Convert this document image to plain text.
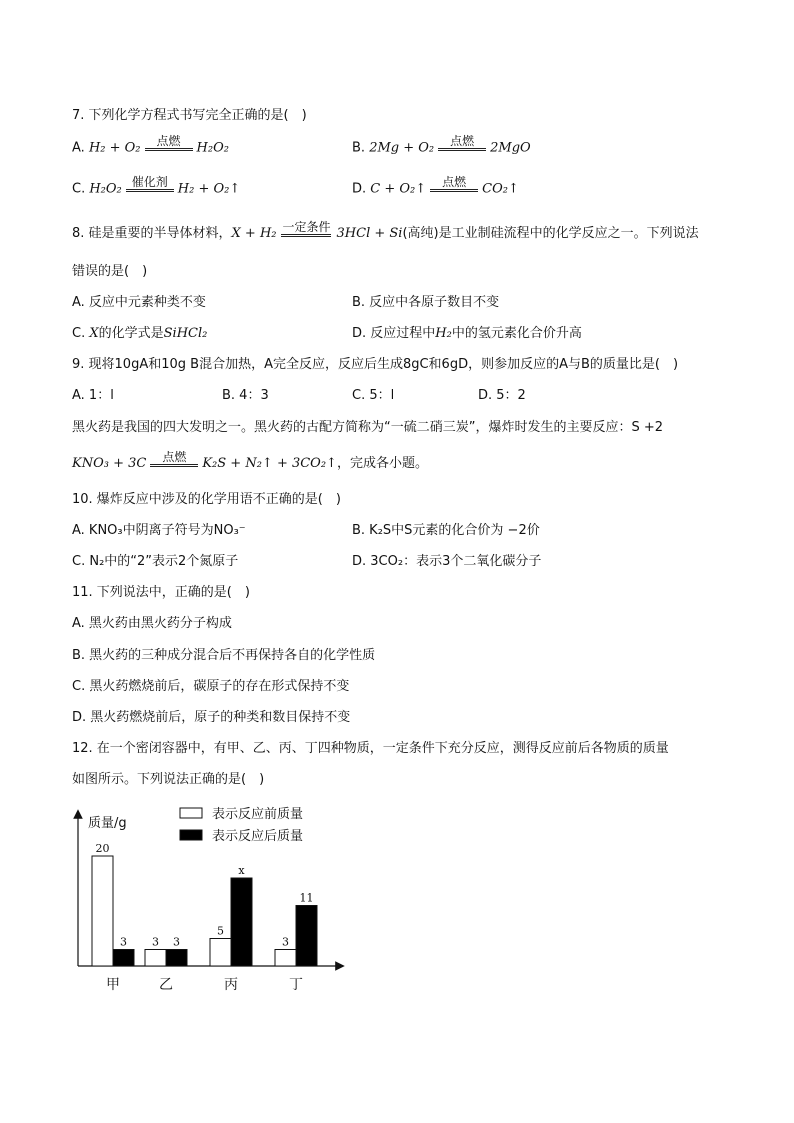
7. 下列化学方程式书写完全正确的是(　)
A. H₂ + O₂	点燃	H₂O₂	B. 2Mg + O₂	点燃	2MgO
C. H₂O₂ 催化剂 H₂ + O₂↑	D. C + O₂↑	点燃	CO₂↑
8. 硅是重要的半导体材料，X + H₂ 一定条件 3HCl + Si(高纯)是工业制硅流程中的化学反应之一。下列说法
错误的是(　)
A. 反应中元素种类不变	B. 反应中各原子数目不变
C. X的化学式是SiHCl₂	D. 反应过程中H₂中的氢元素化合价升高
9. 现将10gA和10g B混合加热，A完全反应，反应后生成8gC和6gD，则参加反应的A与B的质量比是(　)
A. 1：l	B. 4：3	C. 5：l	D. 5：2
黑火药是我国的四大发明之一。黑火药的古配方简称为“一硫二硝三炭”，爆炸时发生的主要反应：S +2
KNO₃ + 3C	点燃	K₂S + N₂↑ + 3CO₂↑，完成各小题。
10. 爆炸反应中涉及的化学用语不正确的是(　)
A. KNO₃中阴离子符号为NO₃⁻	B. K₂S中S元素的化合价为 −2价
C. N₂中的“2”表示2个氮原子	D. 3CO₂：表示3个二氧化碳分子
11. 下列说法中，正确的是(　)
A. 黑火药由黑火药分子构成
B. 黑火药的三种成分混合后不再保持各自的化学性质
C. 黑火药燃烧前后，碳原子的存在形式保持不变
D. 黑火药燃烧前后，原子的种类和数目保持不变
12. 在一个密闭容器中，有甲、乙、丙、丁四种物质，一定条件下充分反应，测得反应前后各物质的质量
如图所示。下列说法正确的是(　)
质量/g
表示反应前质量
表示反应后质量
20
3 3 3
5
x
3
11
甲	乙	丙	丁
